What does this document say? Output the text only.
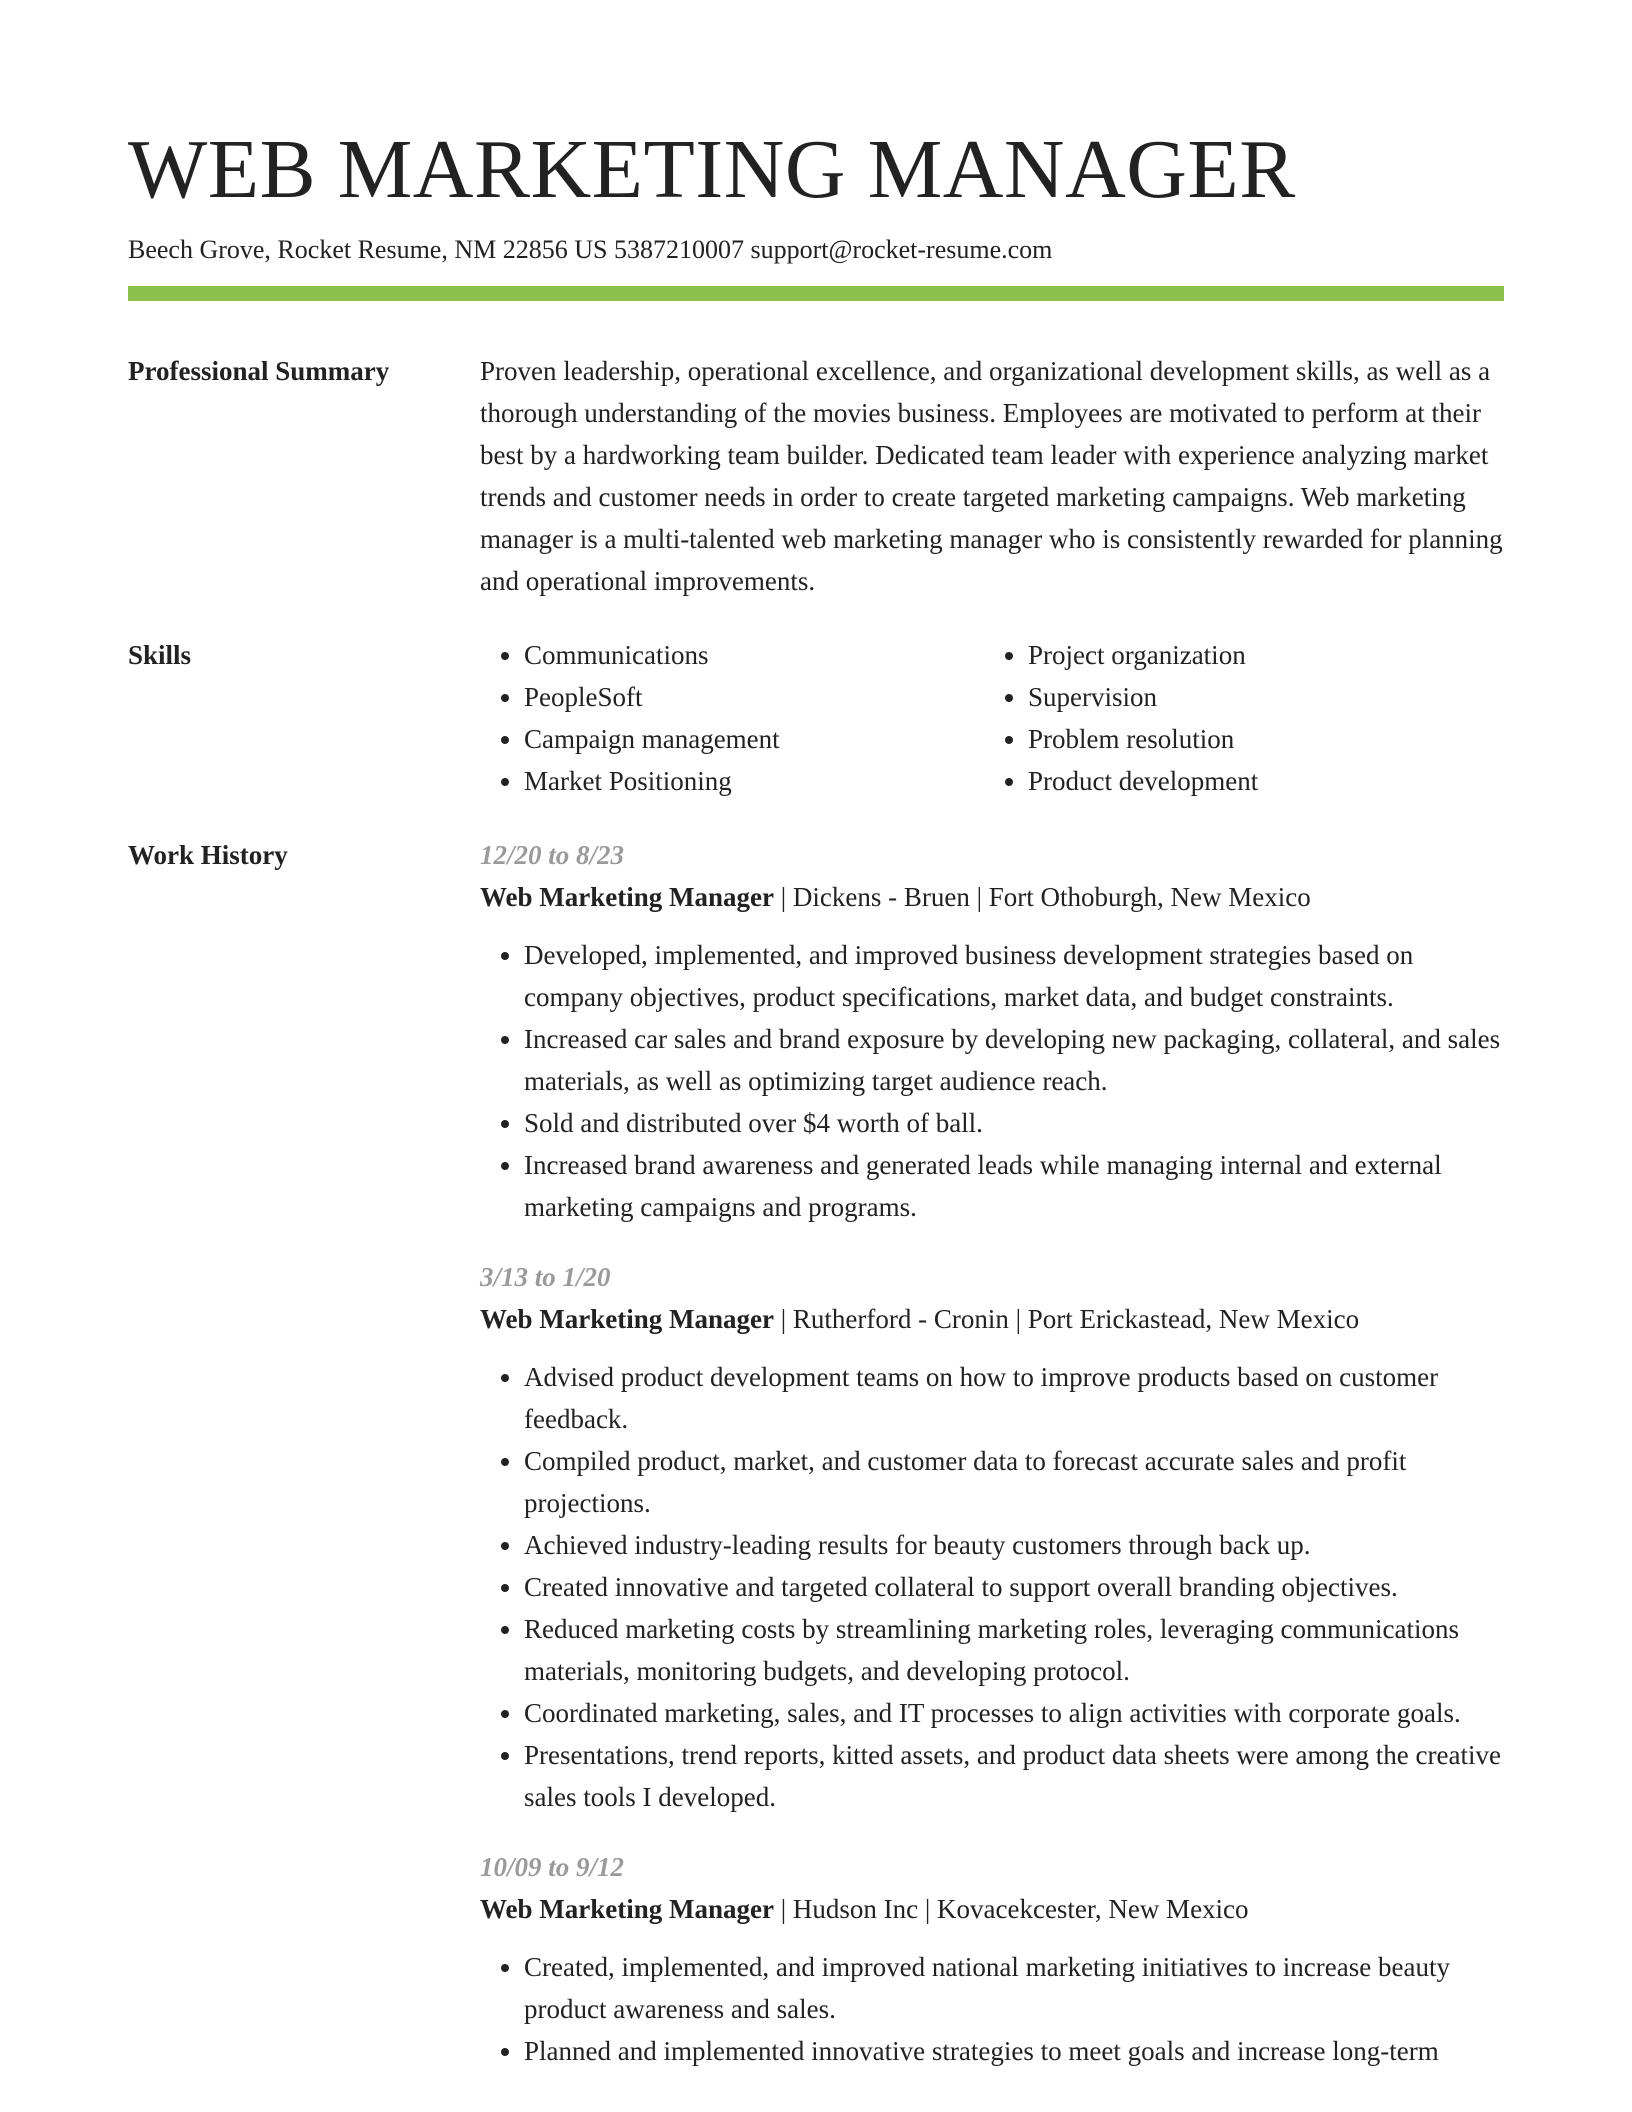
WEB MARKETING MANAGER
Beech Grove, Rocket Resume, NM 22856 US 5387210007 support@rocket-resume.com
Professional Summary	Proven leadership, operational excellence, and organizational development skills, as well as a thorough understanding of the movies business. Employees are motivated to perform at their best by a hardworking team builder. Dedicated team leader with experience analyzing market trends and customer needs in order to create targeted marketing campaigns. Web marketing manager is a multi-talented web marketing manager who is consistently rewarded for planning and operational improvements.

Skills
•	Communications
• PeopleSoft
• Campaign management
• Market Positioning
• Project organization
• Supervision
• Problem resolution
• Product development
Work History	12/20 to 8/23
Web Marketing Manager | Dickens - Bruen | Fort Othoburgh, New Mexico
• Developed, implemented, and improved business development strategies based on company objectives, product specifications, market data, and budget constraints.
• Increased car sales and brand exposure by developing new packaging, collateral, and sales materials, as well as optimizing target audience reach.
• Sold and distributed over $4 worth of ball.
• Increased brand awareness and generated leads while managing internal and external marketing campaigns and programs.
3/13 to 1/20
Web Marketing Manager | Rutherford - Cronin | Port Erickastead, New Mexico
• Advised product development teams on how to improve products based on customer feedback.
• Compiled product, market, and customer data to forecast accurate sales and profit projections.
• Achieved industry-leading results for beauty customers through back up.
• Created innovative and targeted collateral to support overall branding objectives.
• Reduced marketing costs by streamlining marketing roles, leveraging communications materials, monitoring budgets, and developing protocol.
• Coordinated marketing, sales, and IT processes to align activities with corporate goals.
• Presentations, trend reports, kitted assets, and product data sheets were among the creative sales tools I developed.
10/09 to 9/12
Web Marketing Manager | Hudson Inc | Kovacekcester, New Mexico
• Created, implemented, and improved national marketing initiatives to increase beauty product awareness and sales.
• Planned and implemented innovative strategies to meet goals and increase long-term
